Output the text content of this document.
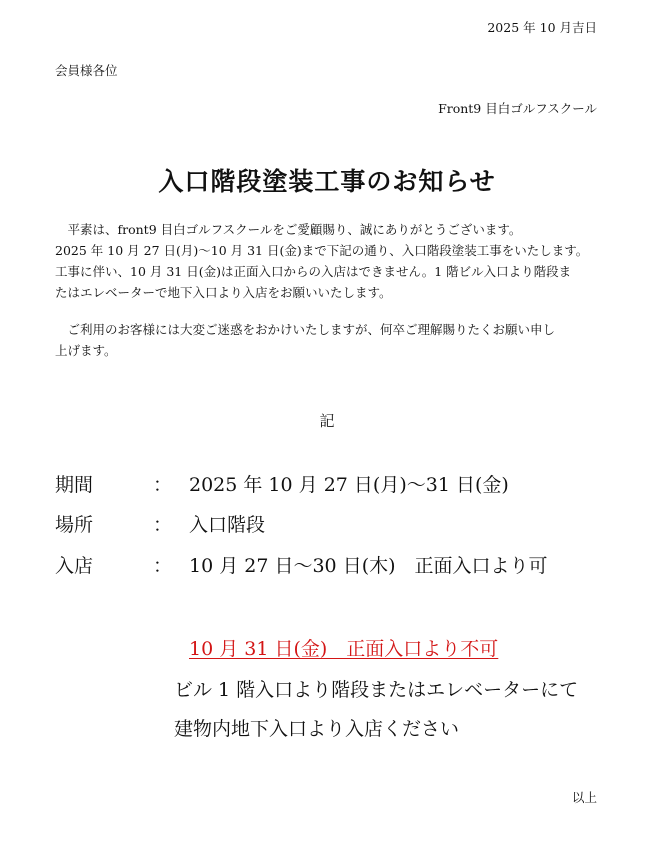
2025 年 10 月吉日
会員様各位
Front9 目白ゴルフスクール
入口階段塗装工事のお知らせ

　平素は、front9 目白ゴルフスクールをご愛顧賜り、誠にありがとうございます。

2025 年 10 月 27 日(月)～10 月 31 日(金)まで下記の通り、入口階段塗装工事をいたします。

工事に伴い、10 月 31 日(金)は正面入口からの入店はできません。1 階ビル入口より階段ま

たはエレベーターで地下入口より入店をお願いいたします。

　ご利用のお客様には大変ご迷惑をおかけいたしますが、何卒ご理解賜りたくお願い申し

上げます。

記
期間	： 2025 年 10 月 27 日(月)～31 日(金)
場所	： 入口階段
入店	： 10 月 27 日～30 日(木)　正面入口より可
10 月 31 日(金)　正面入口より不可
ビル 1 階入口より階段またはエレベーターにて
建物内地下入口より入店ください
以上
